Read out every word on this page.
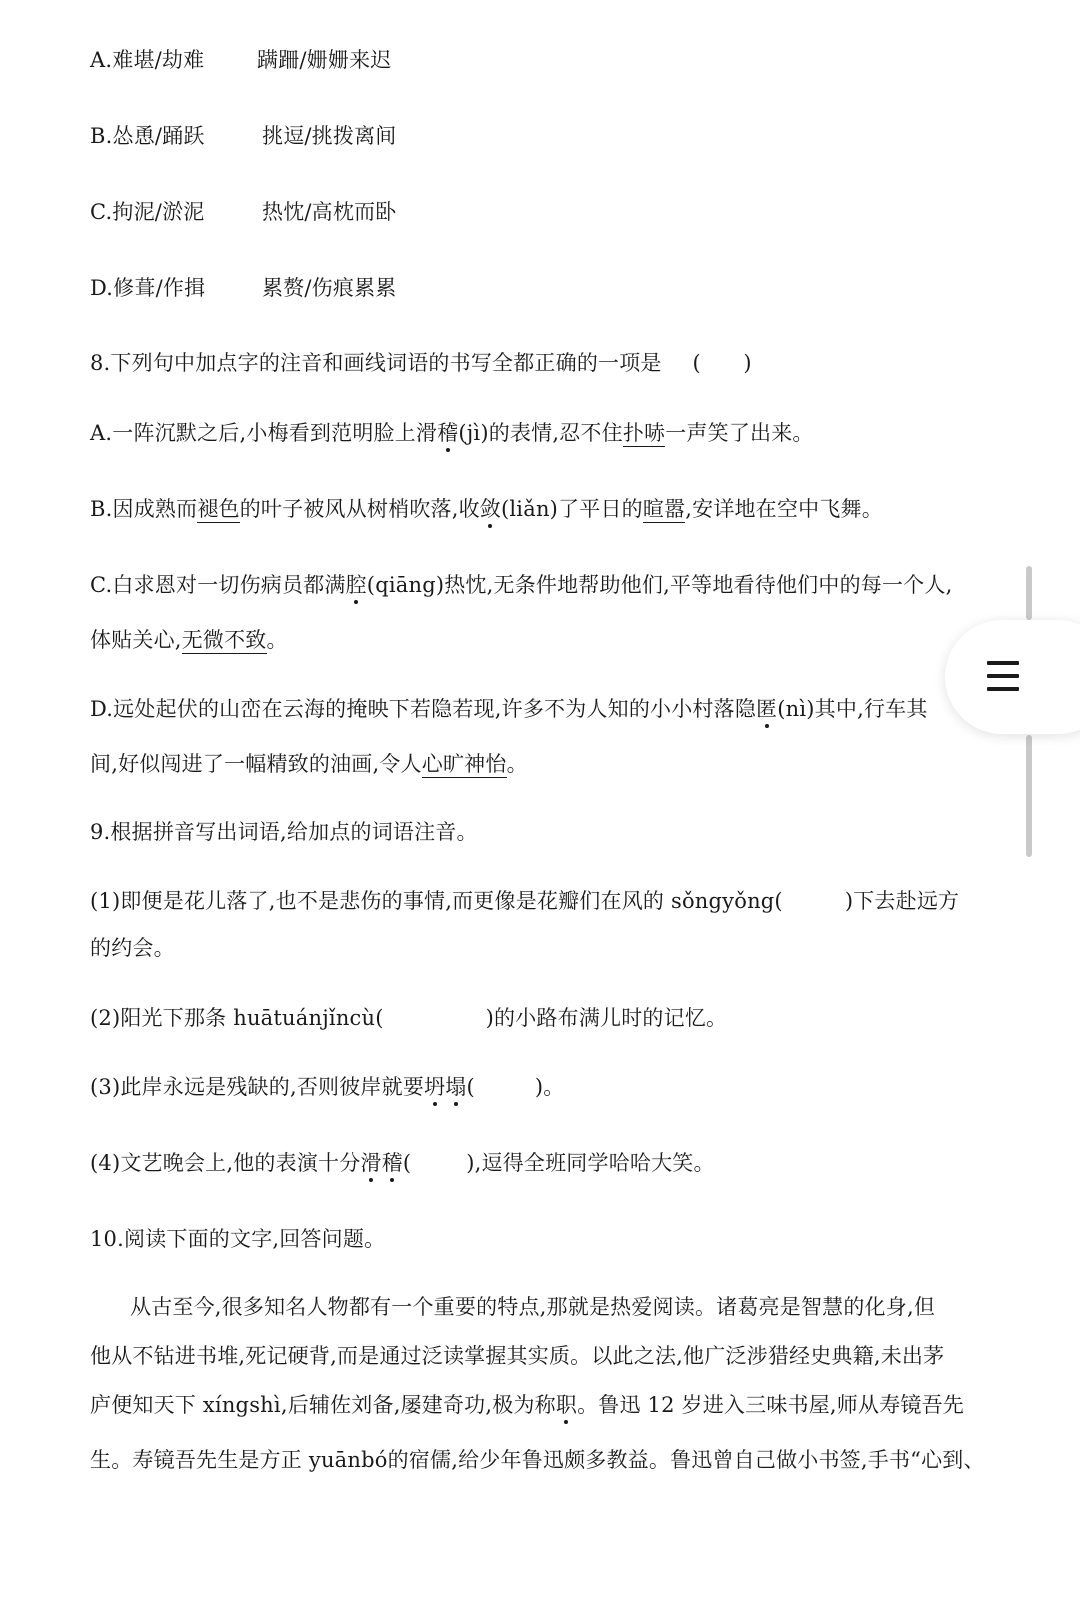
A.难堪/劫难	蹒跚/姗姗来迟
B.怂恿/踊跃	挑逗/挑拨离间
C.拘泥/淤泥	热忱/高枕而卧
D.修葺/作揖	累赘/伤痕累累
8.下列句中加点字的注音和画线词语的书写全都正确的一项是 (　　)
A.一阵沉默之后,小梅看到范明脸上滑稽(jì)的表情,忍不住扑哧一声笑了出来。
B.因成熟而褪色的叶子被风从树梢吹落,收敛(liǎn)了平日的暄嚣,安详地在空中飞舞。
C.白求恩对一切伤病员都满腔(qiāng)热忱,无条件地帮助他们,平等地看待他们中的每一个人,
体贴关心,无微不致。
D.远处起伏的山峦在云海的掩映下若隐若现,许多不为人知的小小村落隐匿(nì)其中,行车其
间,好似闯进了一幅精致的油画,令人心旷神怡。
9.根据拼音写出词语,给加点的词语注音。
(1)即便是花儿落了,也不是悲伤的事情,而更像是花瓣们在风的 sǒngyǒng(	)下去赴远方
的约会。
(2)阳光下那条 huātuánjǐncù(	)的小路布满儿时的记忆。
(3)此岸永远是残缺的,否则彼岸就要坍塌(	)。
(4)文艺晚会上,他的表演十分滑稽(	),逗得全班同学哈哈大笑。
10.阅读下面的文字,回答问题。
从古至今,很多知名人物都有一个重要的特点,那就是热爱阅读。诸葛亮是智慧的化身,但
他从不钻进书堆,死记硬背,而是通过泛读掌握其实质。以此之法,他广泛涉猎经史典籍,未出茅
庐便知天下 xíngshì,后辅佐刘备,屡建奇功,极为称职。鲁迅 12 岁进入三味书屋,师从寿镜吾先
生。寿镜吾先生是方正 yuānbó的宿儒,给少年鲁迅颇多教益。鲁迅曾自己做小书签,手书“心到、
